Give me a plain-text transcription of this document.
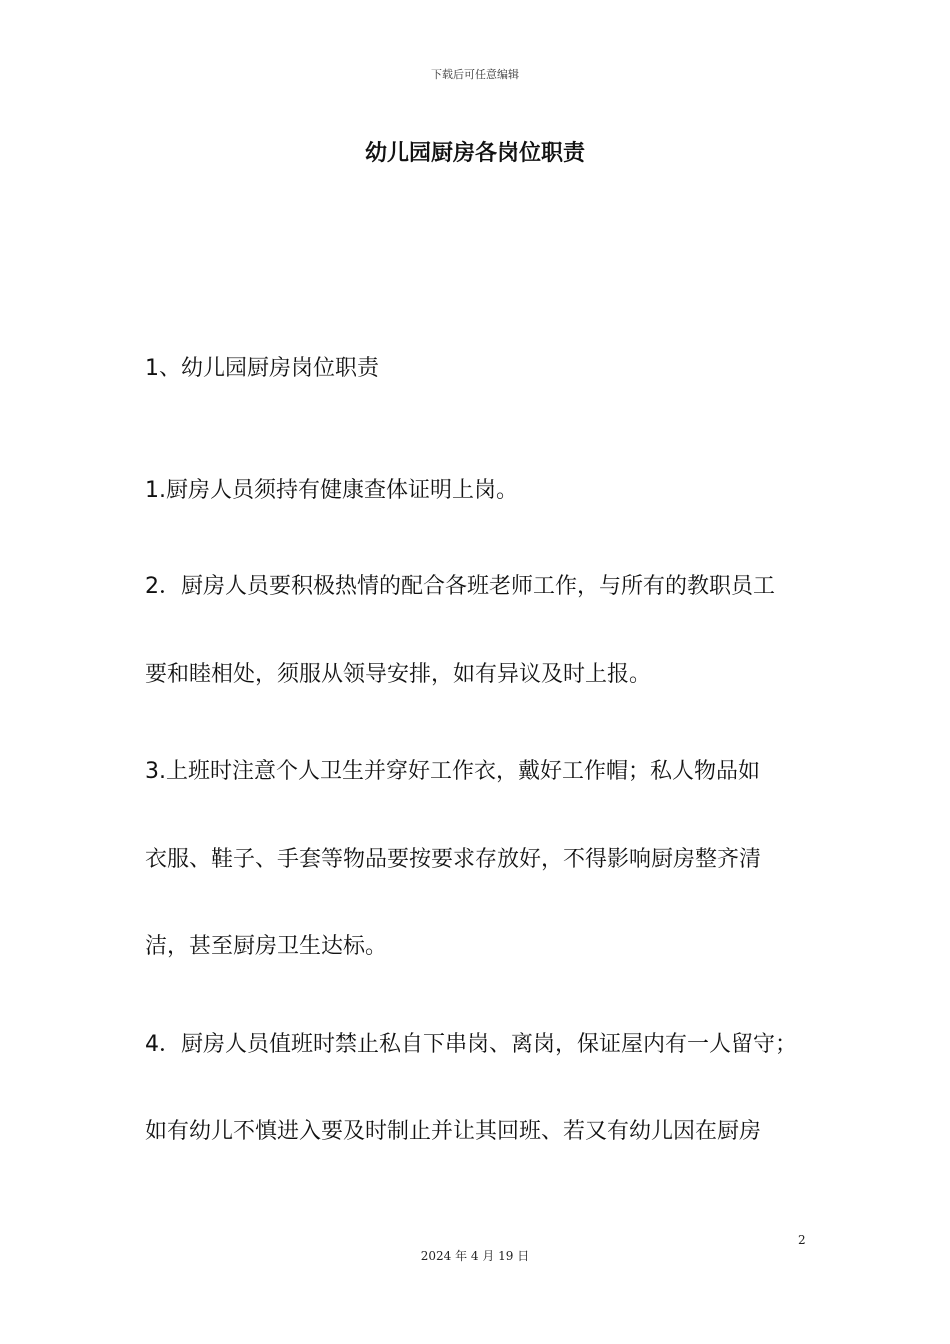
下载后可任意编辑
幼儿园厨房各岗位职责

1、幼儿园厨房岗位职责

1.厨房人员须持有健康查体证明上岗。

2．厨房人员要积极热情的配合各班老师工作，与所有的教职员工

要和睦相处，须服从领导安排，如有异议及时上报。

3.上班时注意个人卫生并穿好工作衣，戴好工作帽；私人物品如

衣服、鞋子、手套等物品要按要求存放好，不得影响厨房整齐清

洁，甚至厨房卫生达标。

4．厨房人员值班时禁止私自下串岗、离岗，保证屋内有一人留守；

如有幼儿不慎进入要及时制止并让其回班、若又有幼儿因在厨房

2
2024 年 4 月 19 日
